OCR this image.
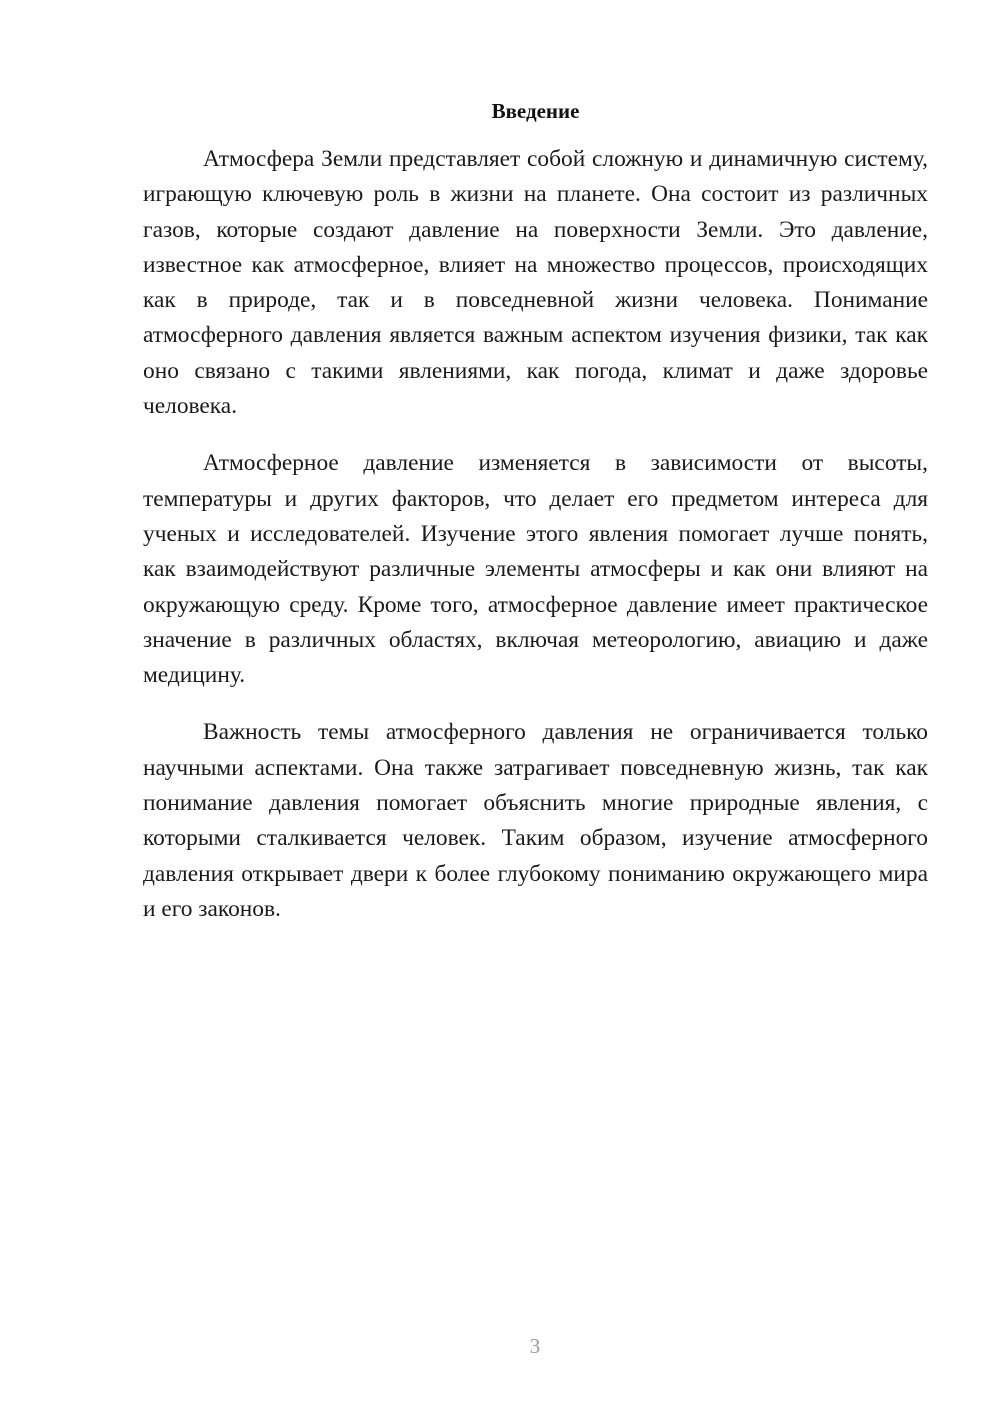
Введение

Атмосфера Земли представляет собой сложную и динамичную систему, играющую ключевую роль в жизни на планете. Она состоит из различных газов, которые создают давление на поверхности Земли. Это давление, известное как атмосферное, влияет на множество процессов, происходящих как в природе, так и в повседневной жизни человека. Понимание атмосферного давления является важным аспектом изучения физики, так как оно связано с такими явлениями, как погода, климат и даже здоровье человека.

Атмосферное давление изменяется в зависимости от высоты, температуры и других факторов, что делает его предметом интереса для ученых и исследователей. Изучение этого явления помогает лучше понять, как взаимодействуют различные элементы атмосферы и как они влияют на окружающую среду. Кроме того, атмосферное давление имеет практическое значение в различных областях, включая метеорологию, авиацию и даже медицину.

Важность темы атмосферного давления не ограничивается только научными аспектами. Она также затрагивает повседневную жизнь, так как понимание давления помогает объяснить многие природные явления, с которыми сталкивается человек. Таким образом, изучение атмосферного давления открывает двери к более глубокому пониманию окружающего мира и его законов.

3
